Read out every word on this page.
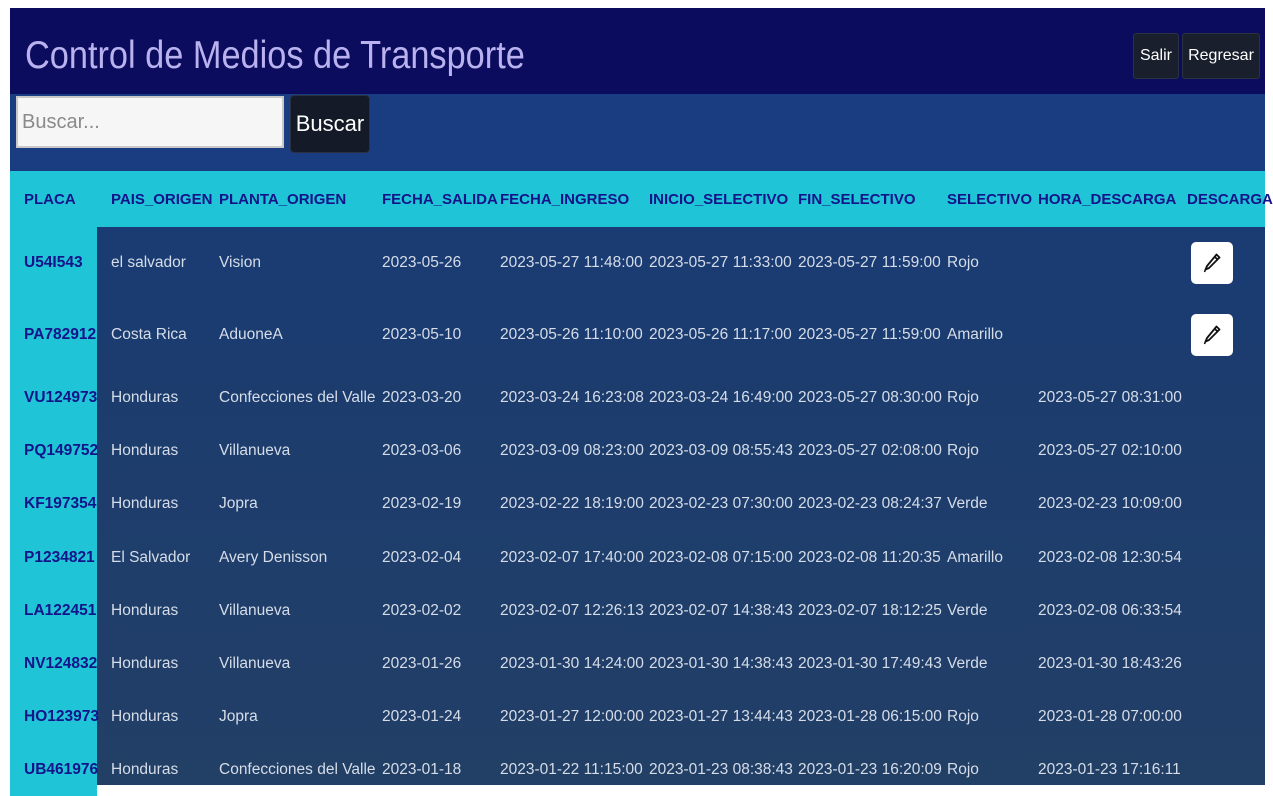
Control de Medios de Transporte	Salir	Regresar
Buscar...
Buscar
PLACA	PAIS_ORIGEN	PLANTA_ORIGEN	FECHA_SALIDA	FECHA_INGRESO	INICIO_SELECTIVO	FIN_SELECTIVO	SELECTIVO	HORA_DESCARGA	DESCARGA
U54I543	el salvador	Vision	2023-05-26	2023-05-27 11:48:00	2023-05-27 11:33:00	2023-05-27 11:59:00	Rojo		

PA782912	Costa Rica	AduoneA	2023-05-10	2023-05-26 11:10:00	2023-05-26 11:17:00	2023-05-27 11:59:00	Amarillo		

VU124973	Honduras	Confecciones del Valle	2023-03-20	2023-03-24 16:23:08	2023-03-24 16:49:00	2023-05-27 08:30:00	Rojo	2023-05-27 08:31:00	
PQ149752	Honduras	Villanueva	2023-03-06	2023-03-09 08:23:00	2023-03-09 08:55:43	2023-05-27 02:08:00	Rojo	2023-05-27 02:10:00	
KF197354	Honduras	Jopra	2023-02-19	2023-02-22 18:19:00	2023-02-23 07:30:00	2023-02-23 08:24:37	Verde	2023-02-23 10:09:00	
P1234821	El Salvador	Avery Denisson	2023-02-04	2023-02-07 17:40:00	2023-02-08 07:15:00	2023-02-08 11:20:35	Amarillo	2023-02-08 12:30:54	
LA122451	Honduras	Villanueva	2023-02-02	2023-02-07 12:26:13	2023-02-07 14:38:43	2023-02-07 18:12:25	Verde	2023-02-08 06:33:54	
NV124832	Honduras	Villanueva	2023-01-26	2023-01-30 14:24:00	2023-01-30 14:38:43	2023-01-30 17:49:43	Verde	2023-01-30 18:43:26	
HO123973	Honduras	Jopra	2023-01-24	2023-01-27 12:00:00	2023-01-27 13:44:43	2023-01-28 06:15:00	Rojo	2023-01-28 07:00:00	
UB461976	Honduras	Confecciones del Valle	2023-01-18	2023-01-22 11:15:00	2023-01-23 08:38:43	2023-01-23 16:20:09	Rojo	2023-01-23 17:16:11	
